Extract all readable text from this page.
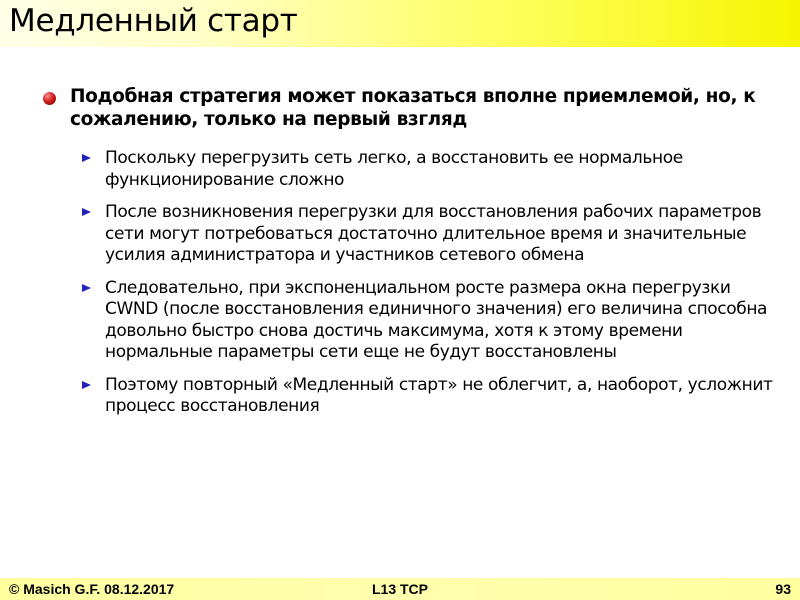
Медленный старт
Подобная стратегия может показаться вполне приемлемой, но, к сожалению, только на первый взгляд
Поскольку перегрузить сеть легко, а восстановить ее нормальное функционирование сложно
После возникновения перегрузки для восстановления рабочих параметров сети могут потребоваться достаточно длительное время и значительные усилия администратора и участников сетевого обмена
Следовательно, при экспоненциальном росте размера окна перегрузки CWND (после восстановления единичного значения) его величина способна довольно быстро снова достичь максимума, хотя к этому времени нормальные параметры сети еще не будут восстановлены
Поэтому повторный «Медленный старт» не облегчит, а, наоборот, усложнит процесс восстановления
L13 TCP
© Masich G.F. 08.12.2017	93
